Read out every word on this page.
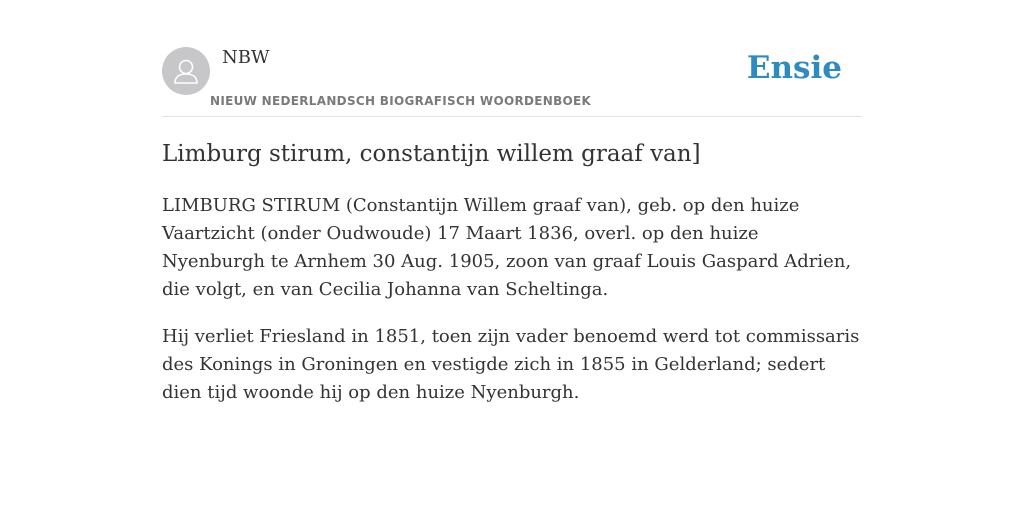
NBW
NIEUW NEDERLANDSCH BIOGRAFISCH WOORDENBOEK
Ensie
Limburg stirum, constantijn willem graaf van]

LIMBURG STIRUM (Constantijn Willem graaf van), geb. op den huize Vaartzicht (onder Oudwoude) 17 Maart 1836, overl. op den huize Nyenburgh te Arnhem 30 Aug. 1905, zoon van graaf Louis Gaspard Adrien, die volgt, en van Cecilia Johanna van Scheltinga.

Hij verliet Friesland in 1851, toen zijn vader benoemd werd tot commissaris des Konings in Groningen en vestigde zich in 1855 in Gelderland; sedert dien tijd woonde hij op den huize Nyenburgh.
